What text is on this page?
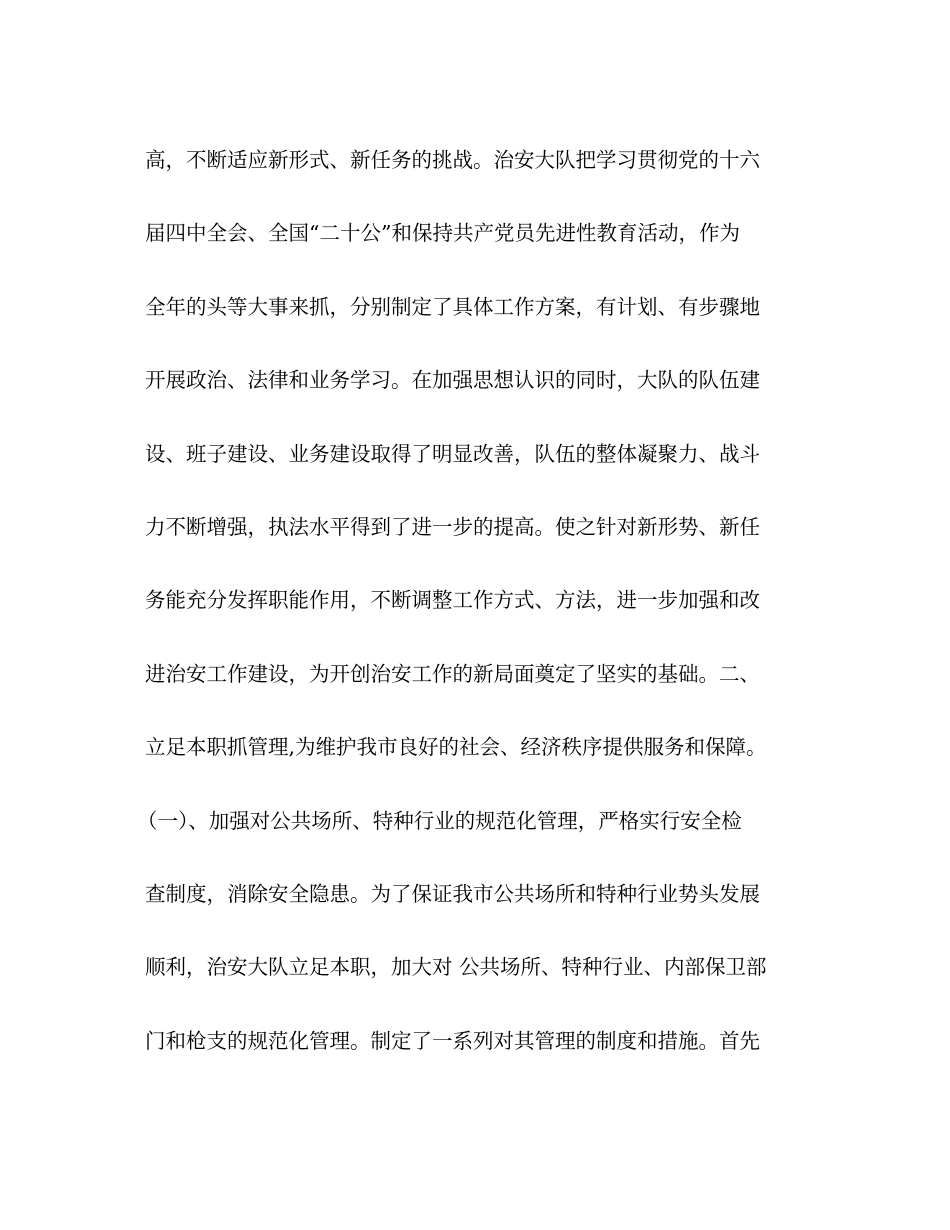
高，不断适应新形式、新任务的挑战。治安大队把学习贯彻党的十六
届四中全会、全国“二十公”和保持共产党员先进性教育活动，作为
全年的头等大事来抓，分别制定了具体工作方案，有计划、有步骤地
开展政治、法律和业务学习。在加强思想认识的同时，大队的队伍建
设、班子建设、业务建设取得了明显改善，队伍的整体凝聚力、战斗
力不断增强，执法水平得到了进一步的提高。使之针对新形势、新任
务能充分发挥职能作用，不断调整工作方式、方法，进一步加强和改
进治安工作建设，为开创治安工作的新局面奠定了坚实的基础。二、
立足本职抓管理,为维护我市良好的社会、经济秩序提供服务和保障。
（一）、加强对公共场所、特种行业的规范化管理，严格实行安全检
查制度，消除安全隐患。为了保证我市公共场所和特种行业势头发展
顺利，治安大队立足本职，加大对 公共场所、特种行业、内部保卫部
门和枪支的规范化管理。制定了一系列对其管理的制度和措施。首先
